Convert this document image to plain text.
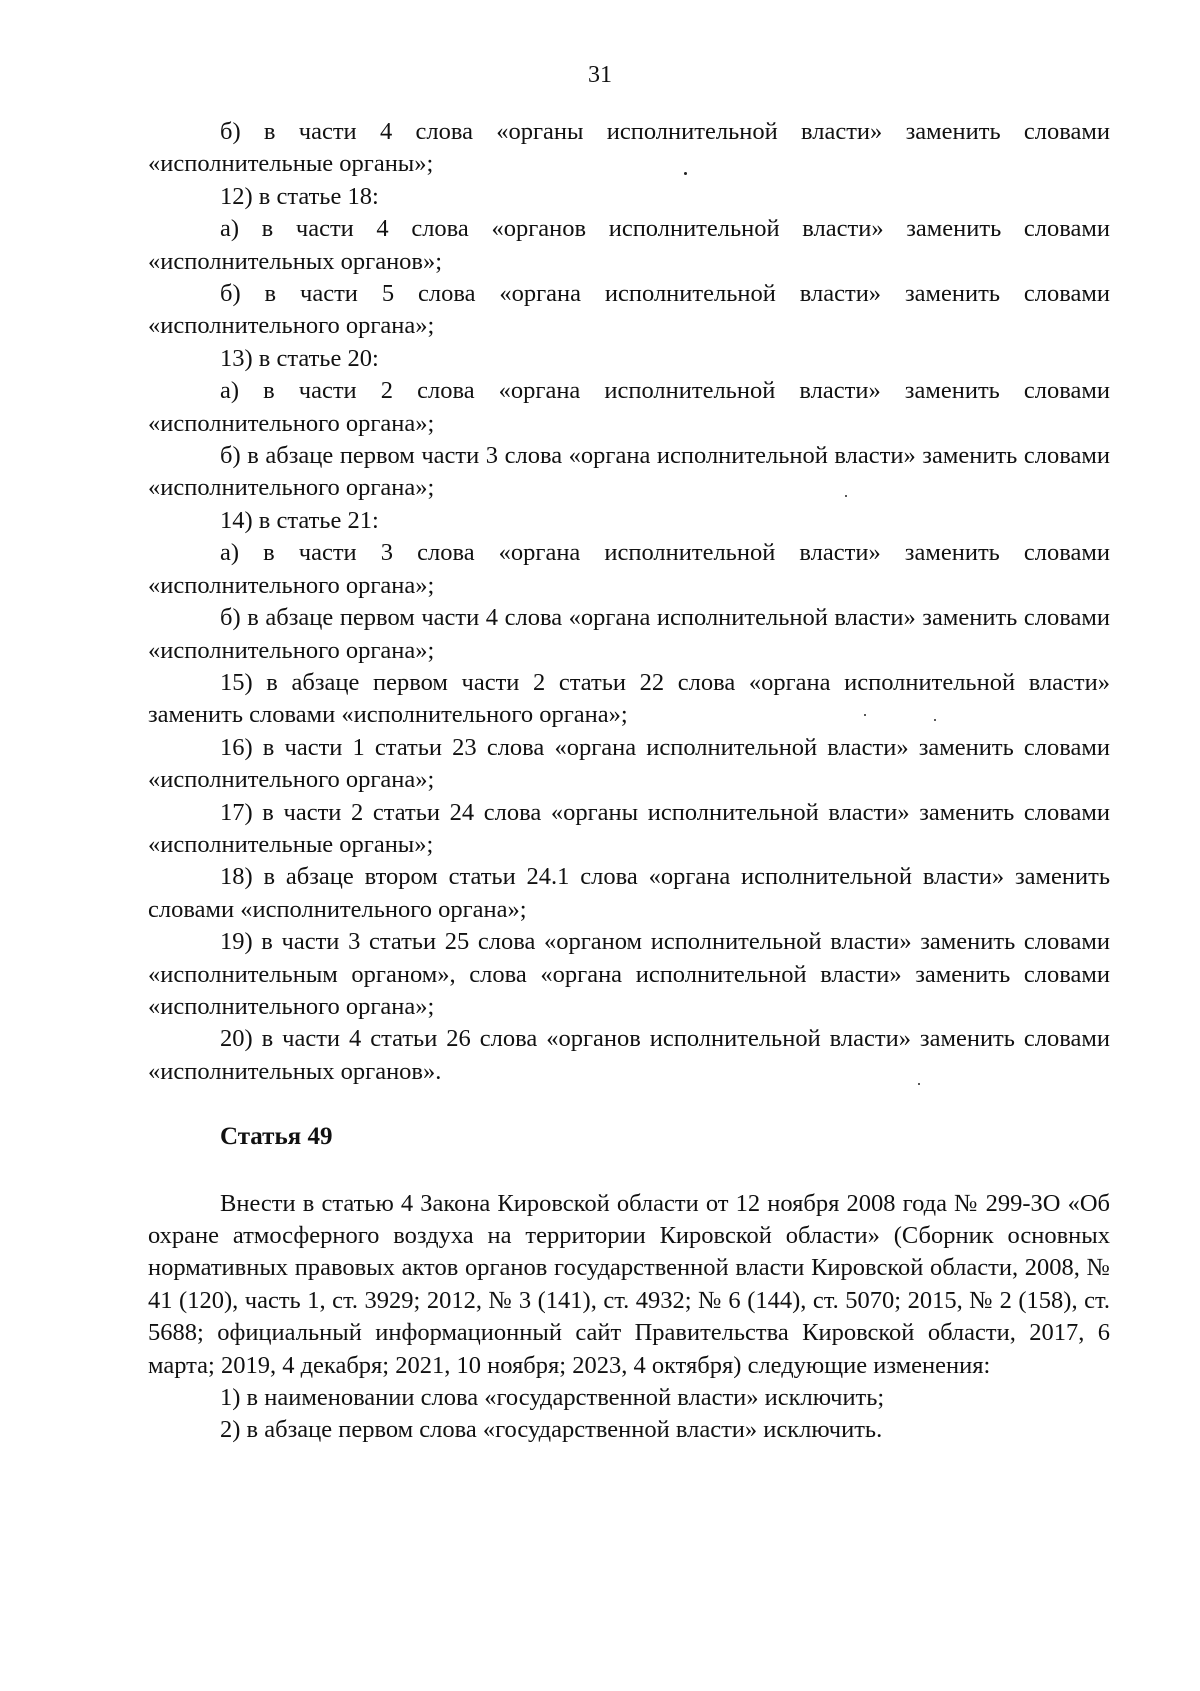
31

б) в части 4 слова «органы исполнительной власти» заменить словами «исполнительные органы»;

12) в статье 18:

а) в части 4 слова «органов исполнительной власти» заменить словами «исполнительных органов»;

б) в части 5 слова «органа исполнительной власти» заменить словами «исполнительного органа»;

13) в статье 20:

а) в части 2 слова «органа исполнительной власти» заменить словами «исполнительного органа»;

б) в абзаце первом части 3 слова «органа исполнительной власти» заменить словами «исполнительного органа»;

14) в статье 21:

а) в части 3 слова «органа исполнительной власти» заменить словами «исполнительного органа»;

б) в абзаце первом части 4 слова «органа исполнительной власти» заменить словами «исполнительного органа»;

15) в абзаце первом части 2 статьи 22 слова «органа исполнительной власти» заменить словами «исполнительного органа»;

16) в части 1 статьи 23 слова «органа исполнительной власти» заменить словами «исполнительного органа»;

17) в части 2 статьи 24 слова «органы исполнительной власти» заменить словами «исполнительные органы»;

18) в абзаце втором статьи 24.1 слова «органа исполнительной власти» заменить словами «исполнительного органа»;

19) в части 3 статьи 25 слова «органом исполнительной власти» заменить словами «исполнительным органом», слова «органа исполнительной власти» заменить словами «исполнительного органа»;

20) в части 4 статьи 26 слова «органов исполнительной власти» заменить словами «исполнительных органов».

Статья 49

Внести в статью 4 Закона Кировской области от 12 ноября 2008 года № 299-ЗО «Об охране атмосферного воздуха на территории Кировской области» (Сборник основных нормативных правовых актов органов государственной власти Кировской области, 2008, № 41 (120), часть 1, ст. 3929; 2012, № 3 (141), ст. 4932; № 6 (144), ст. 5070; 2015, № 2 (158), ст. 5688; официальный информационный сайт Правительства Кировской области, 2017, 6 марта; 2019, 4 декабря; 2021, 10 ноября; 2023, 4 октября) следующие изменения:

1) в наименовании слова «государственной власти» исключить;

2) в абзаце первом слова «государственной власти» исключить.
